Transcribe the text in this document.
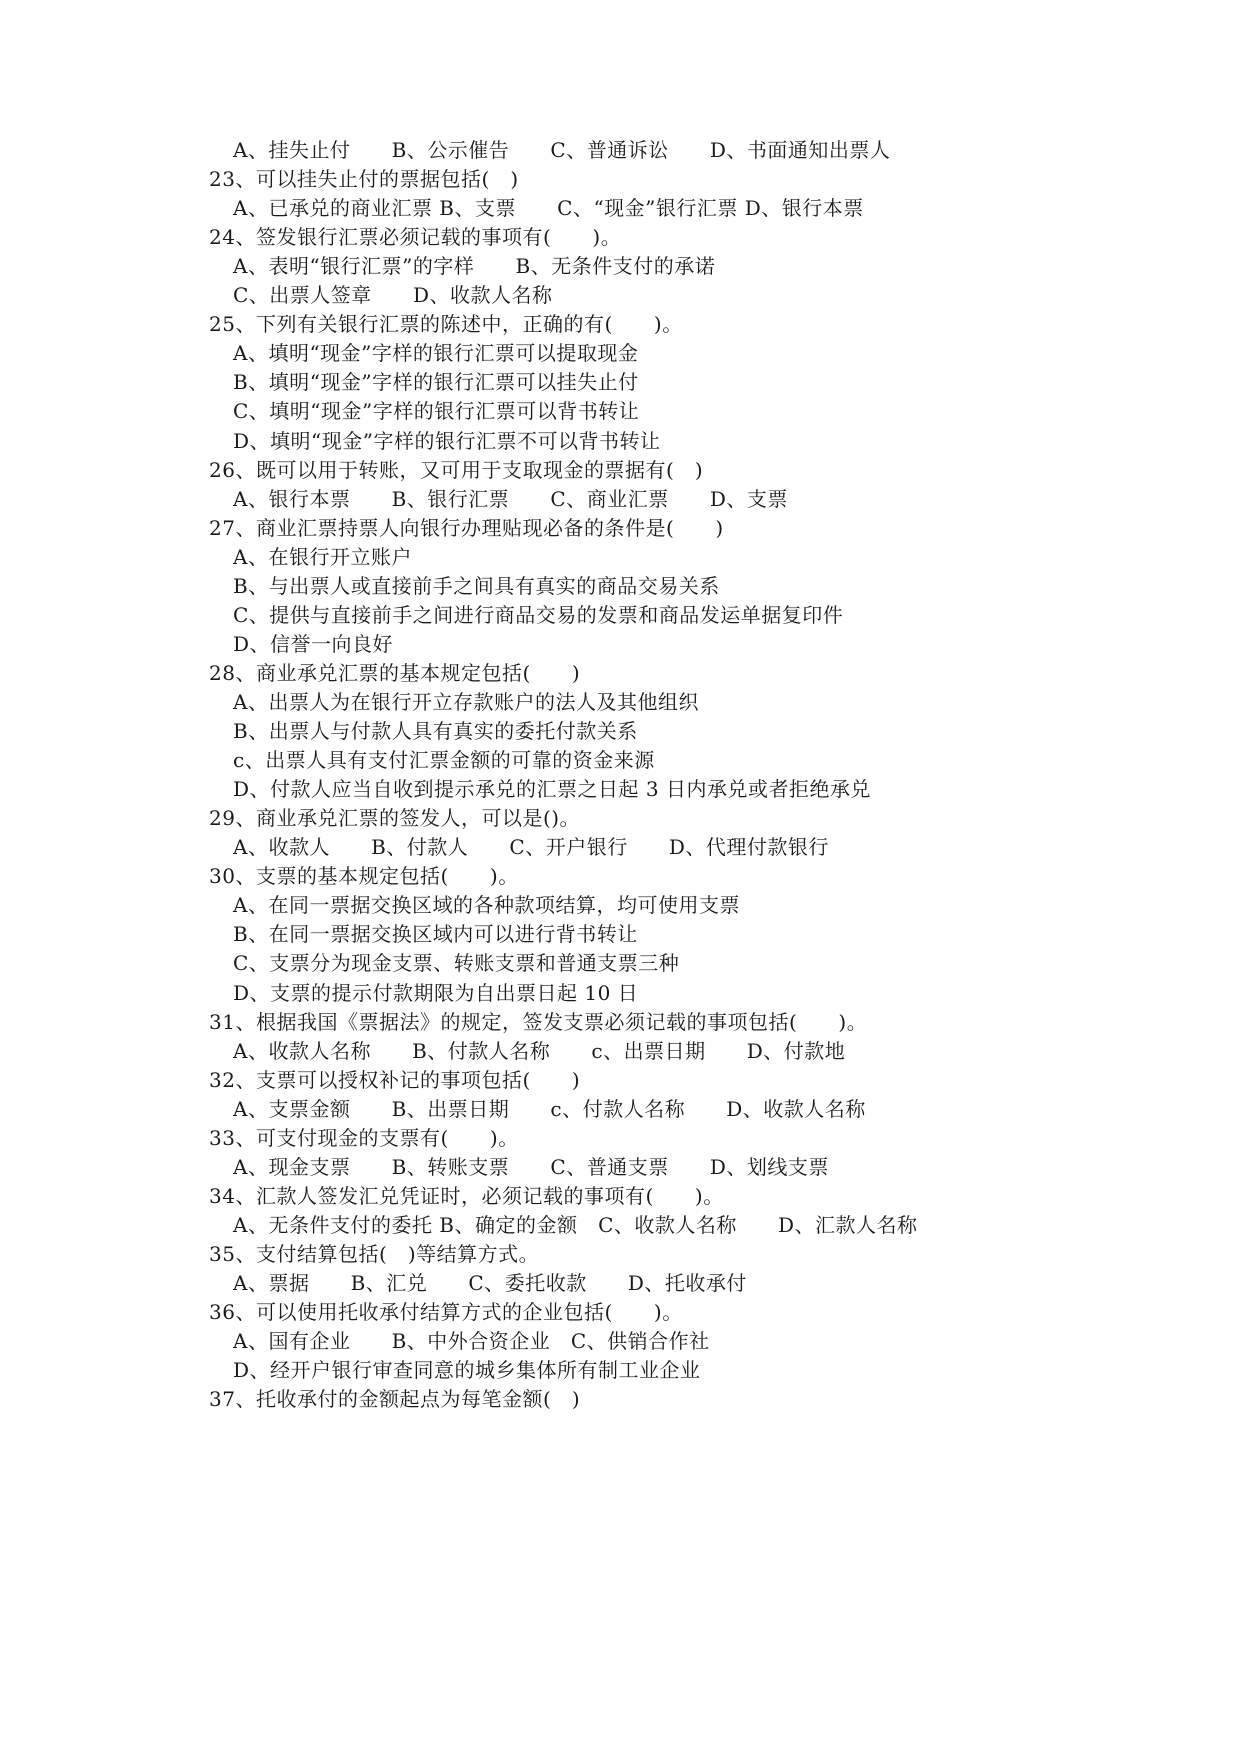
A、挂失止付      B、公示催告      C、普通诉讼      D、书面通知出票人
23、可以挂失止付的票据包括(   )
A、已承兑的商业汇票 B、支票      C、“现金”银行汇票 D、银行本票
24、签发银行汇票必须记载的事项有(      )。
A、表明“银行汇票”的字样      B、无条件支付的承诺
C、出票人签章      D、收款人名称
25、下列有关银行汇票的陈述中，正确的有(      )。
A、填明“现金”字样的银行汇票可以提取现金
B、填明“现金”字样的银行汇票可以挂失止付
C、填明“现金”字样的银行汇票可以背书转让
D、填明“现金”字样的银行汇票不可以背书转让
26、既可以用于转账，又可用于支取现金的票据有(   )
A、银行本票      B、银行汇票      C、商业汇票      D、支票
27、商业汇票持票人向银行办理贴现必备的条件是(      )
A、在银行开立账户
B、与出票人或直接前手之间具有真实的商品交易关系
C、提供与直接前手之间进行商品交易的发票和商品发运单据复印件
D、信誉一向良好
28、商业承兑汇票的基本规定包括(      )
A、出票人为在银行开立存款账户的法人及其他组织
B、出票人与付款人具有真实的委托付款关系
c、出票人具有支付汇票金额的可靠的资金来源
D、付款人应当自收到提示承兑的汇票之日起 3 日内承兑或者拒绝承兑
29、商业承兑汇票的签发人，可以是()。
A、收款人      B、付款人      C、开户银行      D、代理付款银行
30、支票的基本规定包括(      )。
A、在同一票据交换区域的各种款项结算，均可使用支票
B、在同一票据交换区域内可以进行背书转让
C、支票分为现金支票、转账支票和普通支票三种
D、支票的提示付款期限为自出票日起 10 日
31、根据我国《票据法》的规定，签发支票必须记载的事项包括(      )。
A、收款人名称      B、付款人名称      c、出票日期      D、付款地
32、支票可以授权补记的事项包括(      )
A、支票金额      B、出票日期      c、付款人名称      D、收款人名称
33、可支付现金的支票有(      )。
A、现金支票      B、转账支票      C、普通支票      D、划线支票
34、汇款人签发汇兑凭证时，必须记载的事项有(      )。
A、无条件支付的委托 B、确定的金额   C、收款人名称      D、汇款人名称
35、支付结算包括(   )等结算方式。
A、票据      B、汇兑      C、委托收款      D、托收承付
36、可以使用托收承付结算方式的企业包括(      )。
A、国有企业      B、中外合资企业   C、供销合作社
D、经开户银行审查同意的城乡集体所有制工业企业
37、托收承付的金额起点为每笔金额(   )
